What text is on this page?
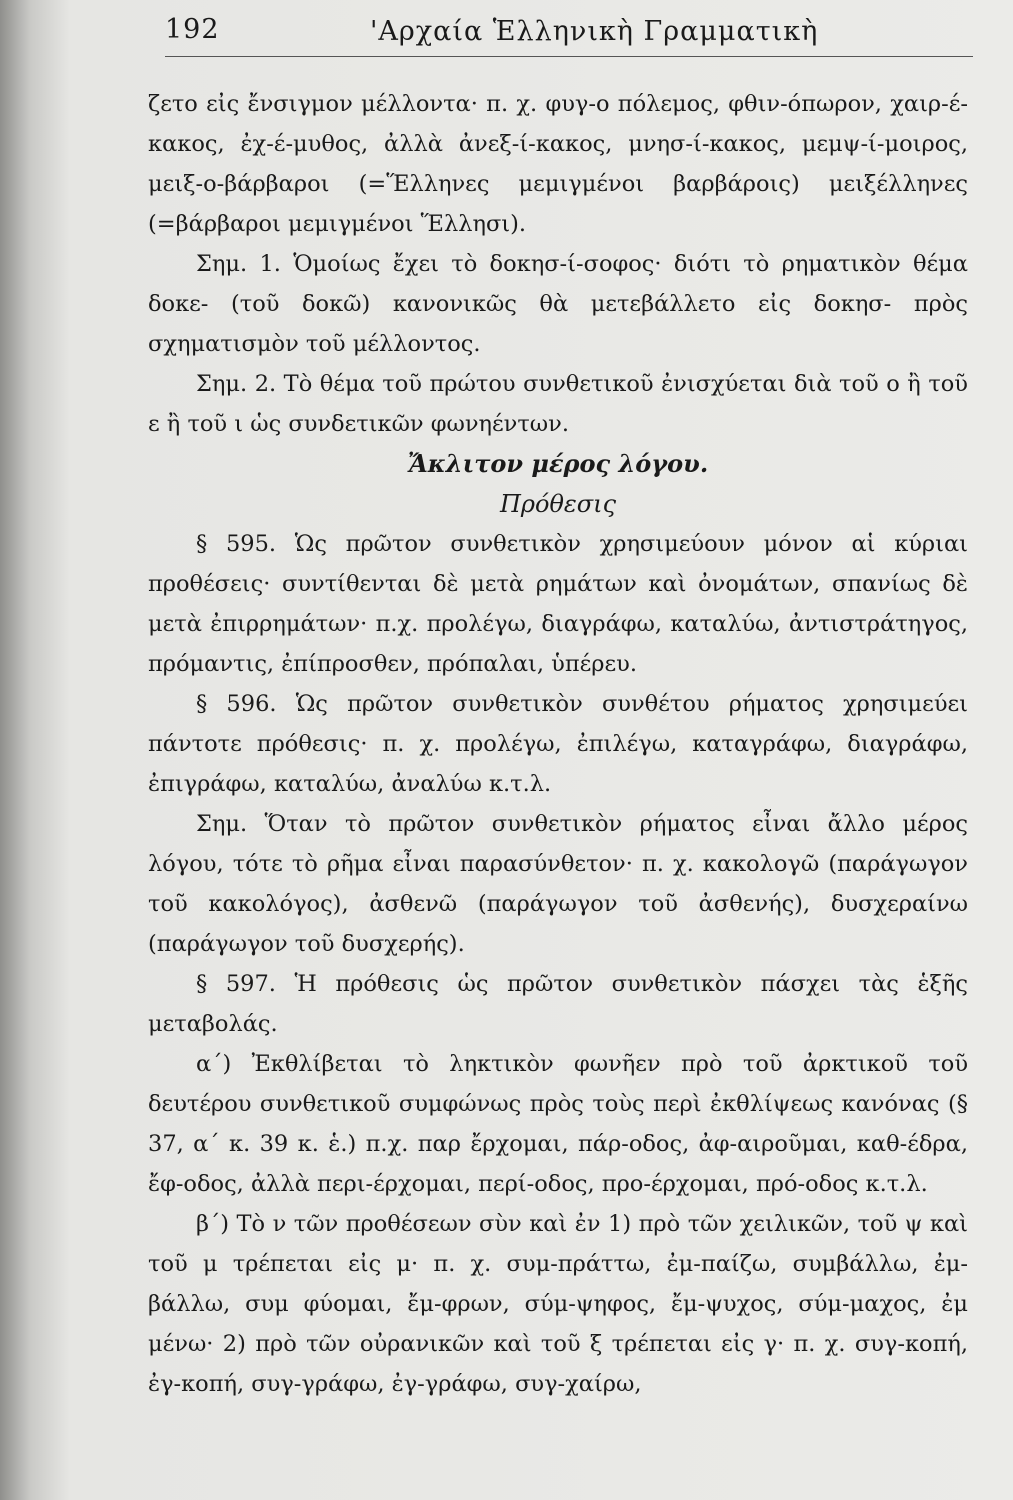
192	'Αρχαία Ἑλληνικὴ Γραμματικὴ

ζετο εἰς ἔνσιγμον μέλλοντα· π. χ. φυγ-ο πόλεμος, φθιν-όπωρον, χαιρ-έ-κακος, ἐχ-έ-μυθος, ἀλλὰ ἀνεξ-ί-κακος, μνησ-ί-κακος, μεμψ-ί-μοιρος, μειξ-ο-βάρβαροι (=Ἕλληνες μεμιγμένοι βαρβάροις) μειξέλληνες (=βάρβαροι μεμιγμένοι Ἕλλησι).

Σημ. 1. Ὁμοίως ἔχει τὸ δοκησ-ί-σοφος· διότι τὸ ρηματικὸν θέμα δοκε- (τοῦ δοκῶ) κανονικῶς θὰ μετεβάλλετο εἰς δοκησ- πρὸς σχηματισμὸν τοῦ μέλλοντος.

Σημ. 2. Τὸ θέμα τοῦ πρώτου συνθετικοῦ ἐνισχύεται διὰ τοῦ ο ἢ τοῦ ε ἢ τοῦ ι ὡς συνδετικῶν φωνηέντων.

Ἄκλιτον μέρος λόγου.

Πρόθεσις

§ 595. Ὡς πρῶτον συνθετικὸν χρησιμεύουν μόνον αἱ κύριαι προθέσεις· συντίθενται δὲ μετὰ ρημάτων καὶ ὀνομάτων, σπανίως δὲ μετὰ ἐπιρρημάτων· π.χ. προλέγω, διαγράφω, καταλύω, ἀντιστράτηγος, πρόμαντις, ἐπίπροσθεν, πρόπαλαι, ὑπέρευ.

§ 596. Ὡς πρῶτον συνθετικὸν συνθέτου ρήματος χρησιμεύει πάντοτε πρόθεσις· π. χ. προλέγω, ἐπιλέγω, καταγράφω, διαγράφω, ἐπιγράφω, καταλύω, ἀναλύω κ.τ.λ.

Σημ. Ὅταν τὸ πρῶτον συνθετικὸν ρήματος εἶναι ἄλλο μέρος λόγου, τότε τὸ ρῆμα εἶναι παρασύνθετον· π. χ. κακολογῶ (παράγωγον τοῦ κακολόγος), ἀσθενῶ (παράγωγον τοῦ ἀσθενής), δυσχεραίνω (παράγωγον τοῦ δυσχερής).

§ 597. Ἡ πρόθεσις ὡς πρῶτον συνθετικὸν πάσχει τὰς ἑξῆς μεταβολάς.

α΄) Ἐκθλίβεται τὸ ληκτικὸν φωνῆεν πρὸ τοῦ ἀρκτικοῦ τοῦ δευτέρου συνθετικοῦ συμφώνως πρὸς τοὺς περὶ ἐκθλίψεως κανόνας (§ 37, α΄ κ. 39 κ. ἑ.) π.χ. παρ ἔρχομαι, πάρ-οδος, ἀφ-αιροῦμαι, καθ-έδρα, ἔφ-οδος, ἀλλὰ περι-έρχομαι, περί-οδος, προ-έρχομαι, πρό-οδος κ.τ.λ.

β΄) Τὸ ν τῶν προθέσεων σὺν καὶ ἐν 1) πρὸ τῶν χειλικῶν, τοῦ ψ καὶ τοῦ μ τρέπεται εἰς μ· π. χ. συμ-πράττω, ἐμ-παίζω, συμβάλλω, ἐμ-βάλλω, συμ φύομαι, ἔμ-φρων, σύμ-ψηφος, ἔμ-ψυχος, σύμ-μαχος, ἐμ μένω· 2) πρὸ τῶν οὐρανικῶν καὶ τοῦ ξ τρέπεται εἰς γ· π. χ. συγ-κοπή, ἐγ-κοπή, συγ-γράφω, ἐγ-γράφω, συγ-χαίρω,
